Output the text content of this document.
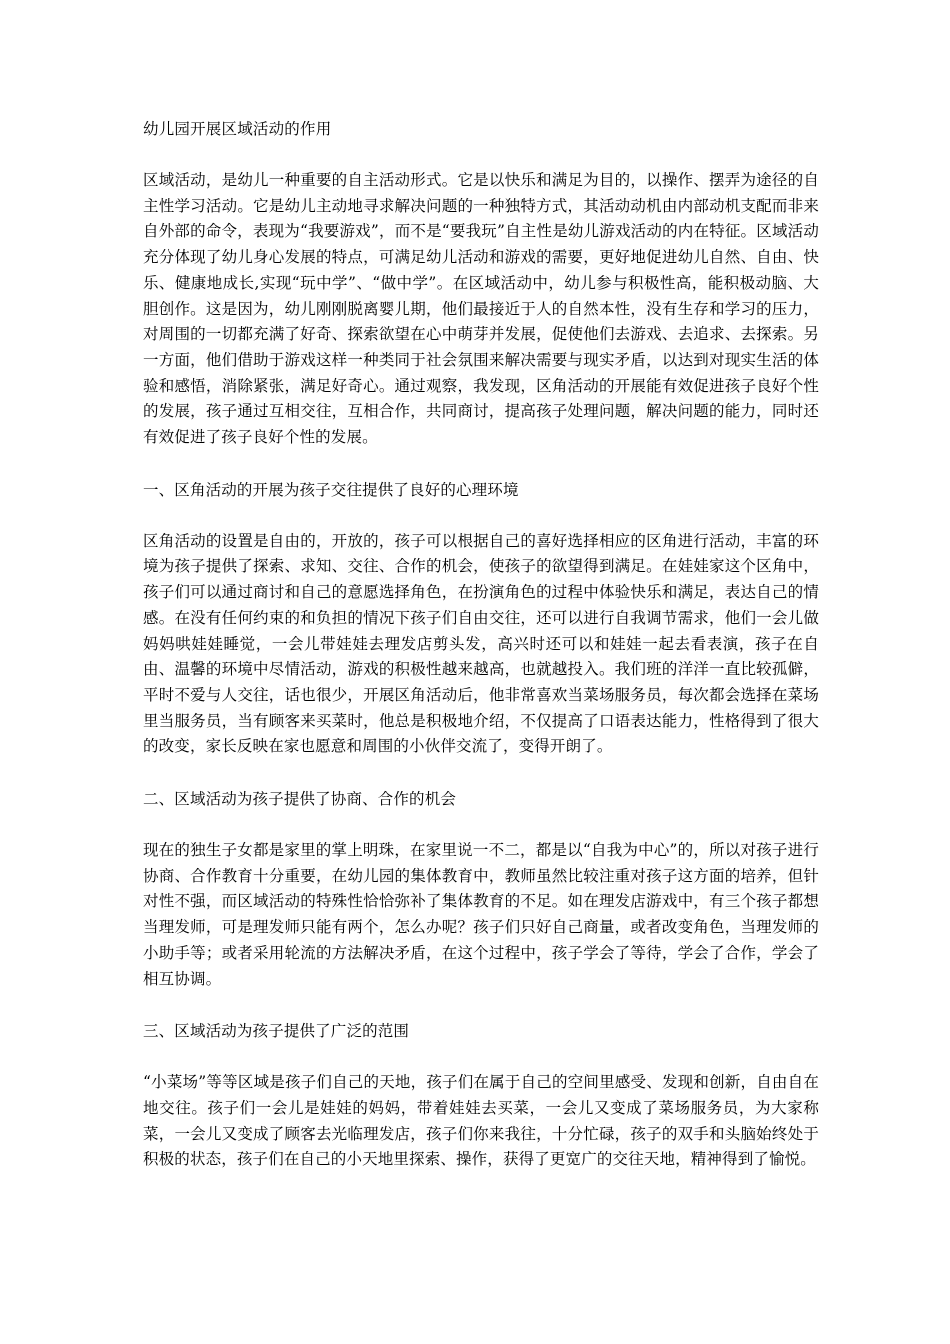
幼儿园开展区域活动的作用
区域活动，是幼儿一种重要的自主活动形式。它是以快乐和满足为目的，以操作、摆弄为途径的自主性学习活动。它是幼儿主动地寻求解决问题的一种独特方式，其活动动机由内部动机支配而非来自外部的命令，表现为“我要游戏”，而不是“要我玩”自主性是幼儿游戏活动的内在特征。区域活动充分体现了幼儿身心发展的特点，可满足幼儿活动和游戏的需要，更好地促进幼儿自然、自由、快乐、健康地成长,实现“玩中学”、“做中学”。在区域活动中，幼儿参与积极性高，能积极动脑、大胆创作。这是因为，幼儿刚刚脱离婴儿期，他们最接近于人的自然本性，没有生存和学习的压力，对周围的一切都充满了好奇、探索欲望在心中萌芽并发展，促使他们去游戏、去追求、去探索。另一方面，他们借助于游戏这样一种类同于社会氛围来解决需要与现实矛盾，以达到对现实生活的体验和感悟，消除紧张，满足好奇心。通过观察，我发现，区角活动的开展能有效促进孩子良好个性的发展，孩子通过互相交往，互相合作，共同商讨，提高孩子处理问题，解决问题的能力，同时还有效促进了孩子良好个性的发展。
一、区角活动的开展为孩子交往提供了良好的心理环境
区角活动的设置是自由的，开放的，孩子可以根据自己的喜好选择相应的区角进行活动，丰富的环境为孩子提供了探索、求知、交往、合作的机会，使孩子的欲望得到满足。在娃娃家这个区角中，孩子们可以通过商讨和自己的意愿选择角色，在扮演角色的过程中体验快乐和满足，表达自己的情感。在没有任何约束的和负担的情况下孩子们自由交往，还可以进行自我调节需求，他们一会儿做妈妈哄娃娃睡觉，一会儿带娃娃去理发店剪头发，高兴时还可以和娃娃一起去看表演，孩子在自由、温馨的环境中尽情活动，游戏的积极性越来越高，也就越投入。我们班的洋洋一直比较孤僻，平时不爱与人交往，话也很少，开展区角活动后，他非常喜欢当菜场服务员，每次都会选择在菜场里当服务员，当有顾客来买菜时，他总是积极地介绍，不仅提高了口语表达能力，性格得到了很大的改变，家长反映在家也愿意和周围的小伙伴交流了，变得开朗了。
二、区域活动为孩子提供了协商、合作的机会
现在的独生子女都是家里的掌上明珠，在家里说一不二，都是以“自我为中心”的，所以对孩子进行协商、合作教育十分重要，在幼儿园的集体教育中，教师虽然比较注重对孩子这方面的培养，但针对性不强，而区域活动的特殊性恰恰弥补了集体教育的不足。如在理发店游戏中，有三个孩子都想当理发师，可是理发师只能有两个，怎么办呢？孩子们只好自己商量，或者改变角色，当理发师的小助手等；或者采用轮流的方法解决矛盾，在这个过程中，孩子学会了等待，学会了合作，学会了相互协调。
三、区域活动为孩子提供了广泛的范围
“小菜场”等等区域是孩子们自己的天地，孩子们在属于自己的空间里感受、发现和创新，自由自在地交往。孩子们一会儿是娃娃的妈妈，带着娃娃去买菜，一会儿又变成了菜场服务员，为大家称菜，一会儿又变成了顾客去光临理发店，孩子们你来我往，十分忙碌，孩子的双手和头脑始终处于积极的状态，孩子们在自己的小天地里探索、操作，获得了更宽广的交往天地，精神得到了愉悦。
